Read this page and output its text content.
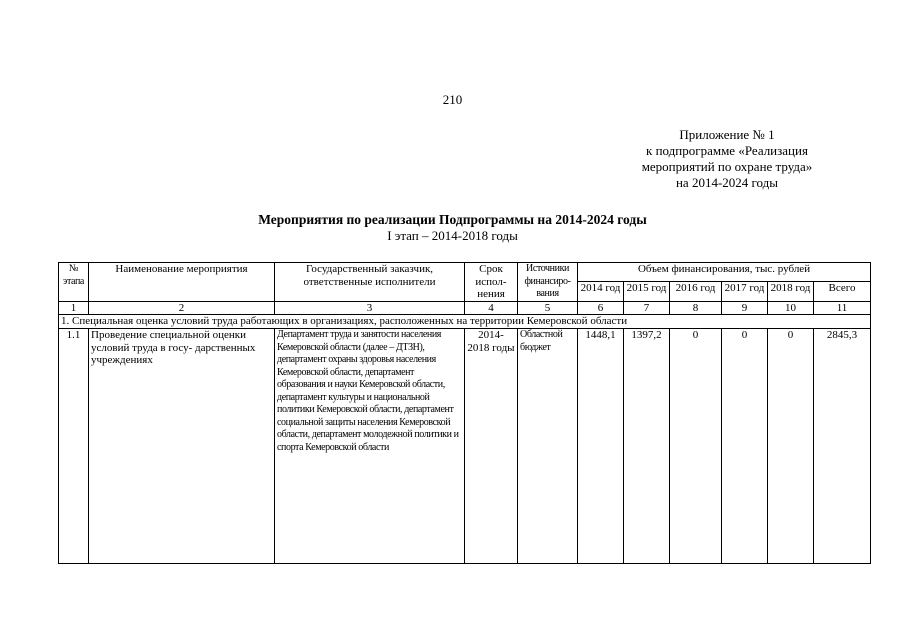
210
Приложение № 1
к подпрограмме «Реализация
мероприятий по охране труда»
на 2014-2024 годы
Мероприятия по реализации Подпрограммы на 2014-2024 годы
I этап – 2014-2018 годы
№ этапа	Наименование мероприятия	Государственный заказчик, ответственные исполнители	Срок испол- нения	Источники финансиро- вания	Объем финансирования, тыс. рублей					
					2014 год	2015 год	2016 год	2017 год	2018 год	Всего
1	2	3	4	5	6	7	8	9	10	11
1. Специальная оценка условий труда работающих в организациях, расположенных на территории Кемеровской области										
1.1	Проведение специальной оценки условий труда в госу- дарственных учреждениях	Департамент труда и занятости населения Кемеровской области (далее – ДТЗН), департамент охраны здоровья населения Кемеровской области, департамент образования и науки Кемеровской области, департамент культуры и национальной политики Кемеровской области, департамент социальной защиты населения Кемеровской области, департамент молодежной политики и спорта Кемеровской области	2014- 2018 годы	Областной бюджет	1448,1	1397,2	0	0	0	2845,3
